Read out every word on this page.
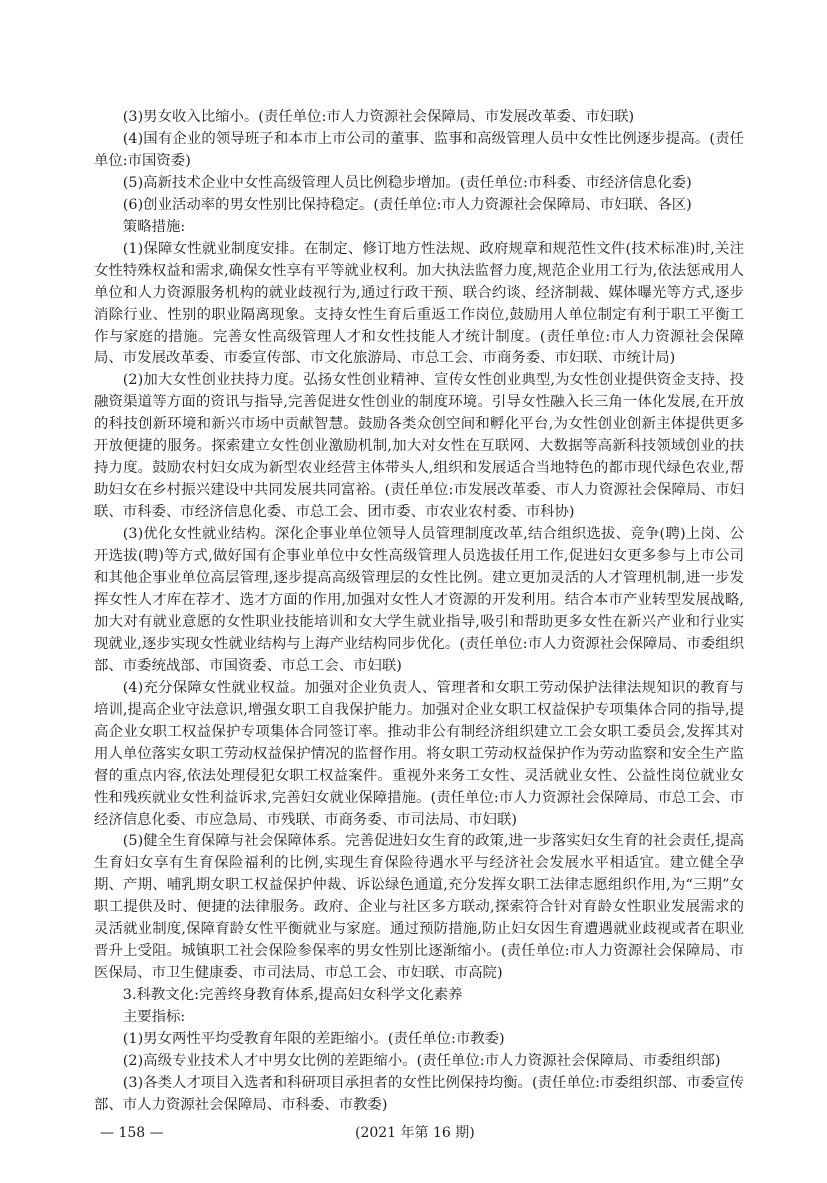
(3)男女收入比缩小。(责任单位:市人力资源社会保障局、市发展改革委、市妇联)

(4)国有企业的领导班子和本市上市公司的董事、监事和高级管理人员中女性比例逐步提高。(责任单位:市国资委)

(5)高新技术企业中女性高级管理人员比例稳步增加。(责任单位:市科委、市经济信息化委)

(6)创业活动率的男女性别比保持稳定。(责任单位:市人力资源社会保障局、市妇联、各区)

策略措施:

(1)保障女性就业制度安排。在制定、修订地方性法规、政府规章和规范性文件(技术标准)时,关注女性特殊权益和需求,确保女性享有平等就业权利。加大执法监督力度,规范企业用工行为,依法惩戒用人单位和人力资源服务机构的就业歧视行为,通过行政干预、联合约谈、经济制裁、媒体曝光等方式,逐步消除行业、性别的职业隔离现象。支持女性生育后重返工作岗位,鼓励用人单位制定有利于职工平衡工作与家庭的措施。完善女性高级管理人才和女性技能人才统计制度。(责任单位:市人力资源社会保障局、市发展改革委、市委宣传部、市文化旅游局、市总工会、市商务委、市妇联、市统计局)

(2)加大女性创业扶持力度。弘扬女性创业精神、宣传女性创业典型,为女性创业提供资金支持、投融资渠道等方面的资讯与指导,完善促进女性创业的制度环境。引导女性融入长三角一体化发展,在开放的科技创新环境和新兴市场中贡献智慧。鼓励各类众创空间和孵化平台,为女性创业创新主体提供更多开放便捷的服务。探索建立女性创业激励机制,加大对女性在互联网、大数据等高新科技领域创业的扶持力度。鼓励农村妇女成为新型农业经营主体带头人,组织和发展适合当地特色的都市现代绿色农业,帮助妇女在乡村振兴建设中共同发展共同富裕。(责任单位:市发展改革委、市人力资源社会保障局、市妇联、市科委、市经济信息化委、市总工会、团市委、市农业农村委、市科协)

(3)优化女性就业结构。深化企事业单位领导人员管理制度改革,结合组织选拔、竞争(聘)上岗、公开选拔(聘)等方式,做好国有企事业单位中女性高级管理人员选拔任用工作,促进妇女更多参与上市公司和其他企事业单位高层管理,逐步提高高级管理层的女性比例。建立更加灵活的人才管理机制,进一步发挥女性人才库在荐才、选才方面的作用,加强对女性人才资源的开发利用。结合本市产业转型发展战略,加大对有就业意愿的女性职业技能培训和女大学生就业指导,吸引和帮助更多女性在新兴产业和行业实现就业,逐步实现女性就业结构与上海产业结构同步优化。(责任单位:市人力资源社会保障局、市委组织部、市委统战部、市国资委、市总工会、市妇联)

(4)充分保障女性就业权益。加强对企业负责人、管理者和女职工劳动保护法律法规知识的教育与培训,提高企业守法意识,增强女职工自我保护能力。加强对企业女职工权益保护专项集体合同的指导,提高企业女职工权益保护专项集体合同签订率。推动非公有制经济组织建立工会女职工委员会,发挥其对用人单位落实女职工劳动权益保护情况的监督作用。将女职工劳动权益保护作为劳动监察和安全生产监督的重点内容,依法处理侵犯女职工权益案件。重视外来务工女性、灵活就业女性、公益性岗位就业女性和残疾就业女性利益诉求,完善妇女就业保障措施。(责任单位:市人力资源社会保障局、市总工会、市经济信息化委、市应急局、市残联、市商务委、市司法局、市妇联)

(5)健全生育保障与社会保障体系。完善促进妇女生育的政策,进一步落实妇女生育的社会责任,提高生育妇女享有生育保险福利的比例,实现生育保险待遇水平与经济社会发展水平相适宜。建立健全孕期、产期、哺乳期女职工权益保护仲裁、诉讼绿色通道,充分发挥女职工法律志愿组织作用,为“三期”女职工提供及时、便捷的法律服务。政府、企业与社区多方联动,探索符合针对育龄女性职业发展需求的灵活就业制度,保障育龄女性平衡就业与家庭。通过预防措施,防止妇女因生育遭遇就业歧视或者在职业晋升上受阻。城镇职工社会保险参保率的男女性别比逐渐缩小。(责任单位:市人力资源社会保障局、市医保局、市卫生健康委、市司法局、市总工会、市妇联、市高院)

3.科教文化:完善终身教育体系,提高妇女科学文化素养

主要指标:

(1)男女两性平均受教育年限的差距缩小。(责任单位:市教委)

(2)高级专业技术人才中男女比例的差距缩小。(责任单位:市人力资源社会保障局、市委组织部)

(3)各类人才项目入选者和科研项目承担者的女性比例保持均衡。(责任单位:市委组织部、市委宣传部、市人力资源社会保障局、市科委、市教委)

— 158 —	(2021 年第 16 期)
